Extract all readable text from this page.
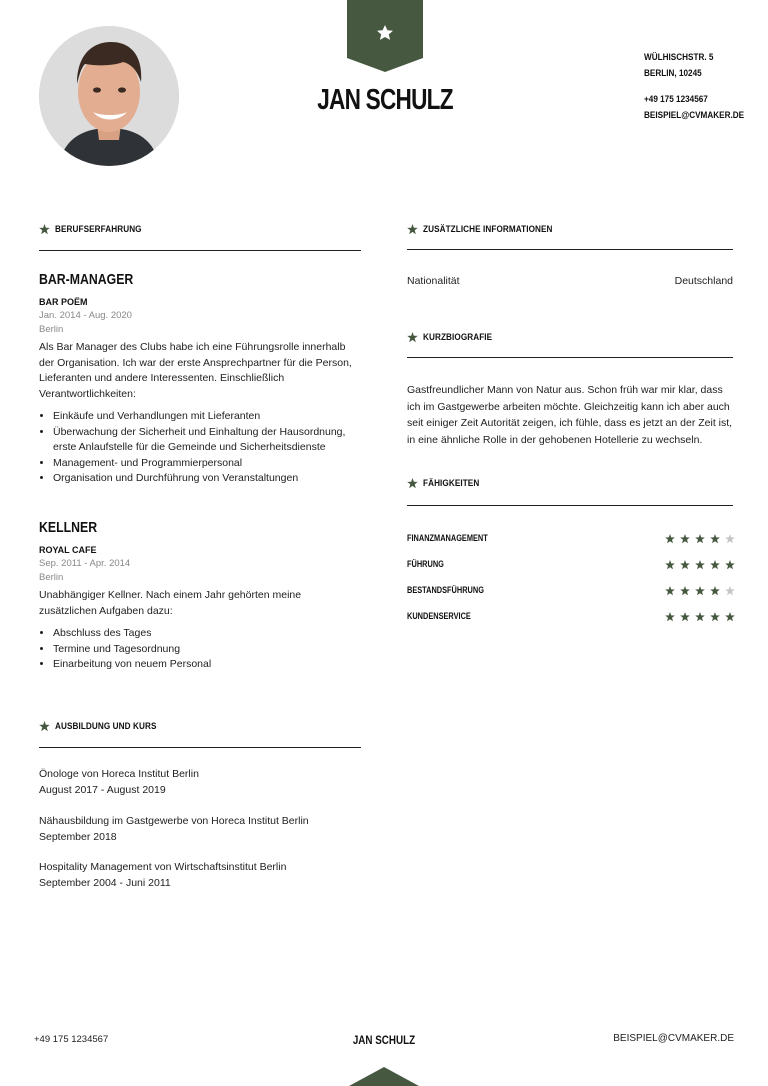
JAN SCHULZ
WÜLHISCHSTR. 5
BERLIN, 10245
+49 175 1234567
BEISPIEL@CVMAKER.DE
BERUFSERFAHRUNG
BAR-MANAGER
BAR POËM
Jan. 2014 - Aug. 2020
Berlin
Als Bar Manager des Clubs habe ich eine Führungsrolle innerhalb der Organisation. Ich war der erste Ansprechpartner für die Person, Lieferanten und andere Interessenten. Einschließlich Verantwortlichkeiten:
• Einkäufe und Verhandlungen mit Lieferanten
• Überwachung der Sicherheit und Einhaltung der Hausordnung, erste Anlaufstelle für die Gemeinde und Sicherheitsdienste
• Management- und Programmierpersonal
• Organisation und Durchführung von Veranstaltungen
KELLNER
ROYAL CAFE
Sep. 2011 - Apr. 2014
Berlin
Unabhängiger Kellner. Nach einem Jahr gehörten meine zusätzlichen Aufgaben dazu:
• Abschluss des Tages
• Termine und Tagesordnung
• Einarbeitung von neuem Personal
AUSBILDUNG UND KURS
Önologe von Horeca Institut Berlin
August 2017 - August 2019
Nähausbildung im Gastgewerbe von Horeca Institut Berlin
September 2018
Hospitality Management von Wirtschaftsinstitut Berlin
September 2004 - Juni 2011
ZUSÄTZLICHE INFORMATIONEN
Nationalität	Deutschland
KURZBIOGRAFIE
Gastfreundlicher Mann von Natur aus. Schon früh war mir klar, dass ich im Gastgewerbe arbeiten möchte. Gleichzeitig kann ich aber auch seit einiger Zeit Autorität zeigen, ich fühle, dass es jetzt an der Zeit ist, in eine ähnliche Rolle in der gehobenen Hotellerie zu wechseln.
FÄHIGKEITEN
FINANZMANAGEMENT
FÜHRUNG
BESTANDSFÜHRUNG
KUNDENSERVICE
+49 175 1234567	JAN SCHULZ	BEISPIEL@CVMAKER.DE
